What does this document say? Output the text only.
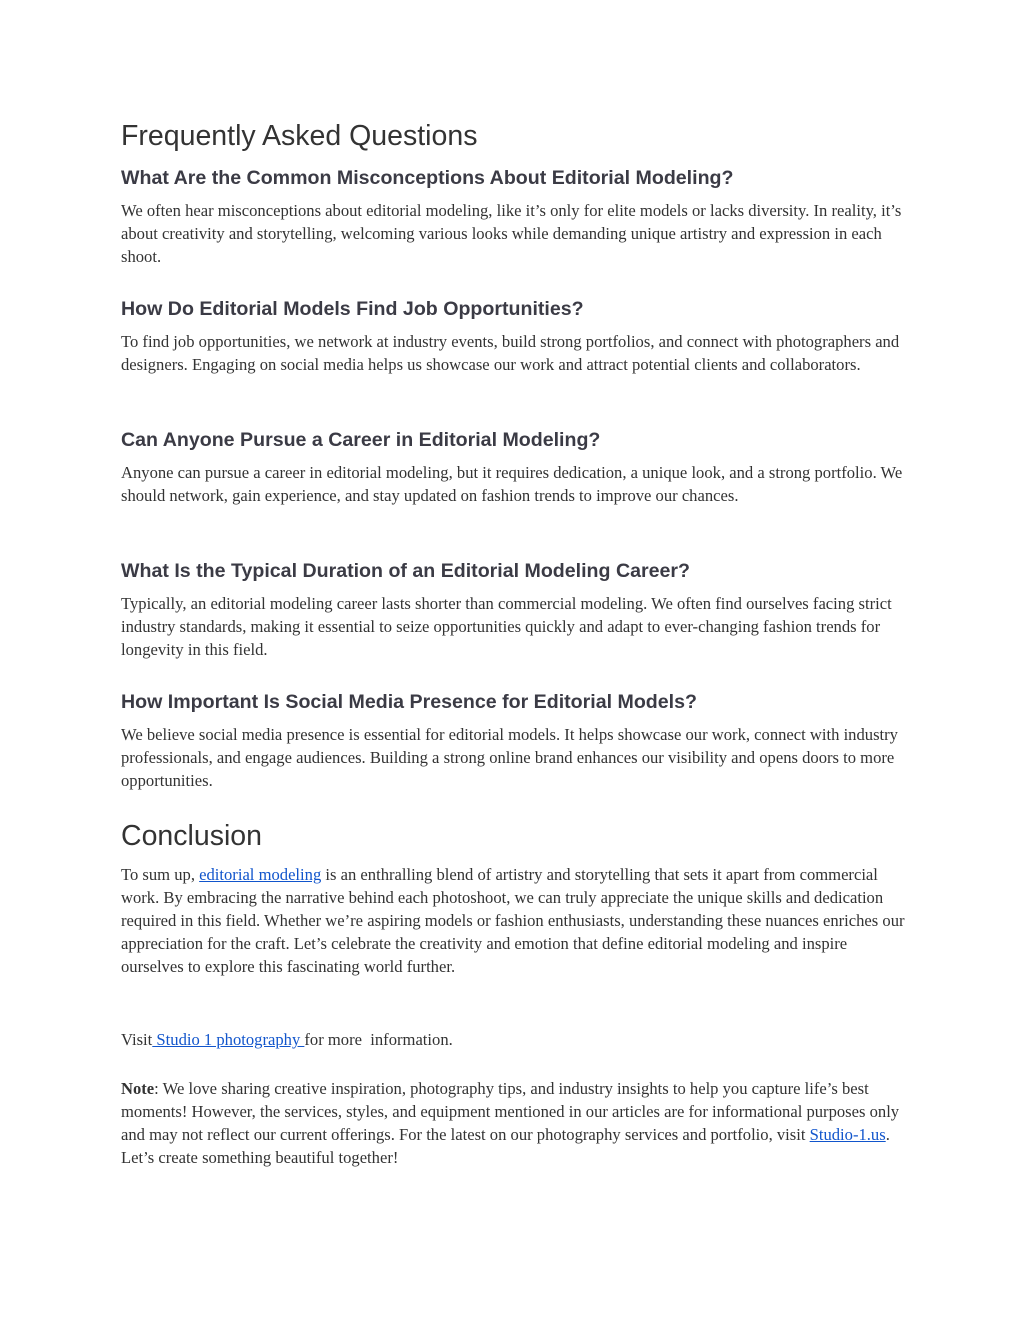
Frequently Asked Questions
What Are the Common Misconceptions About Editorial Modeling?

We often hear misconceptions about editorial modeling, like it’s only for elite models or lacks diversity. In reality, it’s about creativity and storytelling, welcoming various looks while demanding unique artistry and expression in each shoot.

How Do Editorial Models Find Job Opportunities?

To find job opportunities, we network at industry events, build strong portfolios, and connect with photographers and designers. Engaging on social media helps us showcase our work and attract potential clients and collaborators.

Can Anyone Pursue a Career in Editorial Modeling?

Anyone can pursue a career in editorial modeling, but it requires dedication, a unique look, and a strong portfolio. We should network, gain experience, and stay updated on fashion trends to improve our chances.

What Is the Typical Duration of an Editorial Modeling Career?

Typically, an editorial modeling career lasts shorter than commercial modeling. We often find ourselves facing strict industry standards, making it essential to seize opportunities quickly and adapt to ever-changing fashion trends for longevity in this field.

How Important Is Social Media Presence for Editorial Models?

We believe social media presence is essential for editorial models. It helps showcase our work, connect with industry professionals, and engage audiences. Building a strong online brand enhances our visibility and opens doors to more opportunities.

Conclusion

To sum up, editorial modeling is an enthralling blend of artistry and storytelling that sets it apart from commercial work. By embracing the narrative behind each photoshoot, we can truly appreciate the unique skills and dedication required in this field. Whether we’re aspiring models or fashion enthusiasts, understanding these nuances enriches our appreciation for the craft. Let’s celebrate the creativity and emotion that define editorial modeling and inspire ourselves to explore this fascinating world further.

Visit Studio 1 photography for more  information.

Note: We love sharing creative inspiration, photography tips, and industry insights to help you capture life’s best moments! However, the services, styles, and equipment mentioned in our articles are for informational purposes only and may not reflect our current offerings. For the latest on our photography services and portfolio, visit Studio-1.us. Let’s create something beautiful together!
